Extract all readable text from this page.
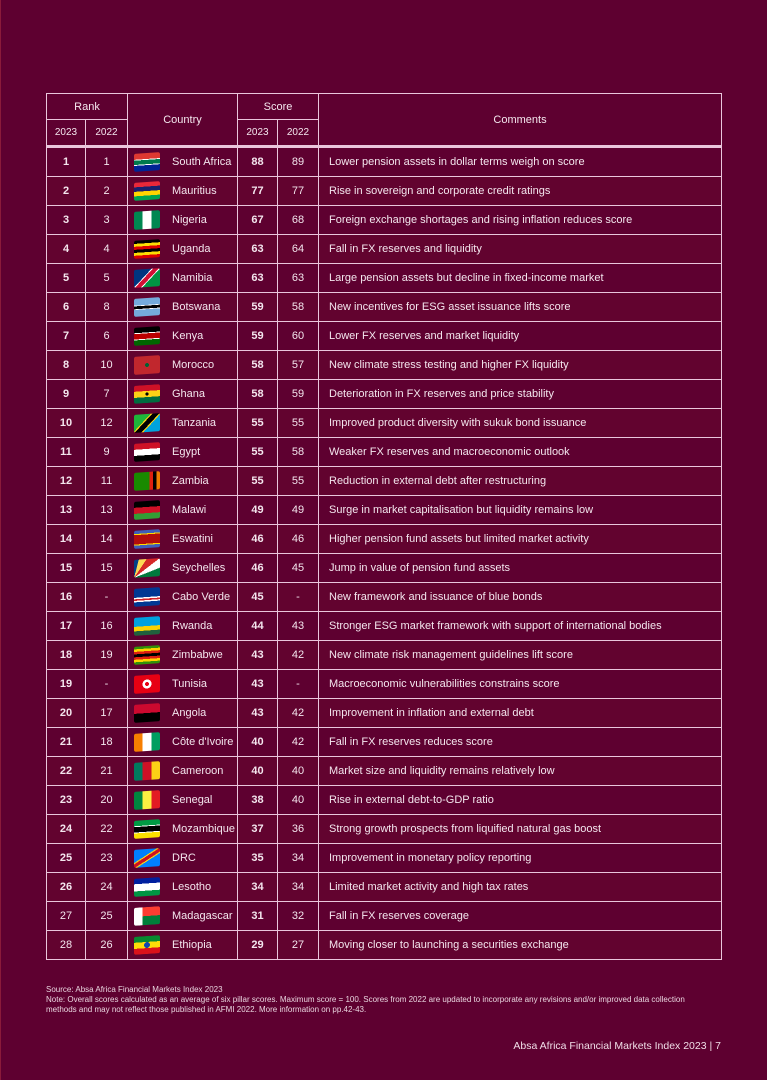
Rank		Country	Score		Comments
2023	2022		2023	2022	
1	1	South Africa	88	89	Lower pension assets in dollar terms weigh on score
2	2	Mauritius	77	77	Rise in sovereign and corporate credit ratings
3	3	Nigeria	67	68	Foreign exchange shortages and rising inflation reduces score
4	4	Uganda	63	64	Fall in FX reserves and liquidity
5	5	Namibia	63	63	Large pension assets but decline in fixed-income market
6	8	Botswana	59	58	New incentives for ESG asset issuance lifts score
7	6	Kenya	59	60	Lower FX reserves and market liquidity
8	10	Morocco	58	57	New climate stress testing and higher FX liquidity
9	7	Ghana	58	59	Deterioration in FX reserves and price stability
10	12	Tanzania	55	55	Improved product diversity with sukuk bond issuance
11	9	Egypt	55	58	Weaker FX reserves and macroeconomic outlook
12	11	Zambia	55	55	Reduction in external debt after restructuring
13	13	Malawi	49	49	Surge in market capitalisation but liquidity remains low
14	14	Eswatini	46	46	Higher pension fund assets but limited market activity
15	15	Seychelles	46	45	Jump in value of pension fund assets
16	-	Cabo Verde	45	-	New framework and issuance of blue bonds
17	16	Rwanda	44	43	Stronger ESG market framework with support of international bodies
18	19	Zimbabwe	43	42	New climate risk management guidelines lift score
19	-	Tunisia	43	-	Macroeconomic vulnerabilities constrains score
20	17	Angola	43	42	Improvement in inflation and external debt
21	18	Côte d'Ivoire	40	42	Fall in FX reserves reduces score
22	21	Cameroon	40	40	Market size and liquidity remains relatively low
23	20	Senegal	38	40	Rise in external debt-to-GDP ratio
24	22	Mozambique	37	36	Strong growth prospects from liquified natural gas boost
25	23	DRC	35	34	Improvement in monetary policy reporting
26	24	Lesotho	34	34	Limited market activity and high tax rates
27	25	Madagascar	31	32	Fall in FX reserves coverage
28	26	Ethiopia	29	27	Moving closer to launching a securities exchange
Source: Absa Africa Financial Markets Index 2023
Note: Overall scores calculated as an average of six pillar scores. Maximum score = 100. Scores from 2022 are updated to incorporate any revisions and/or improved data collection methods and may not reflect those published in AFMI 2022. More information on pp.42-43.
Absa Africa Financial Markets Index 2023 | 7
